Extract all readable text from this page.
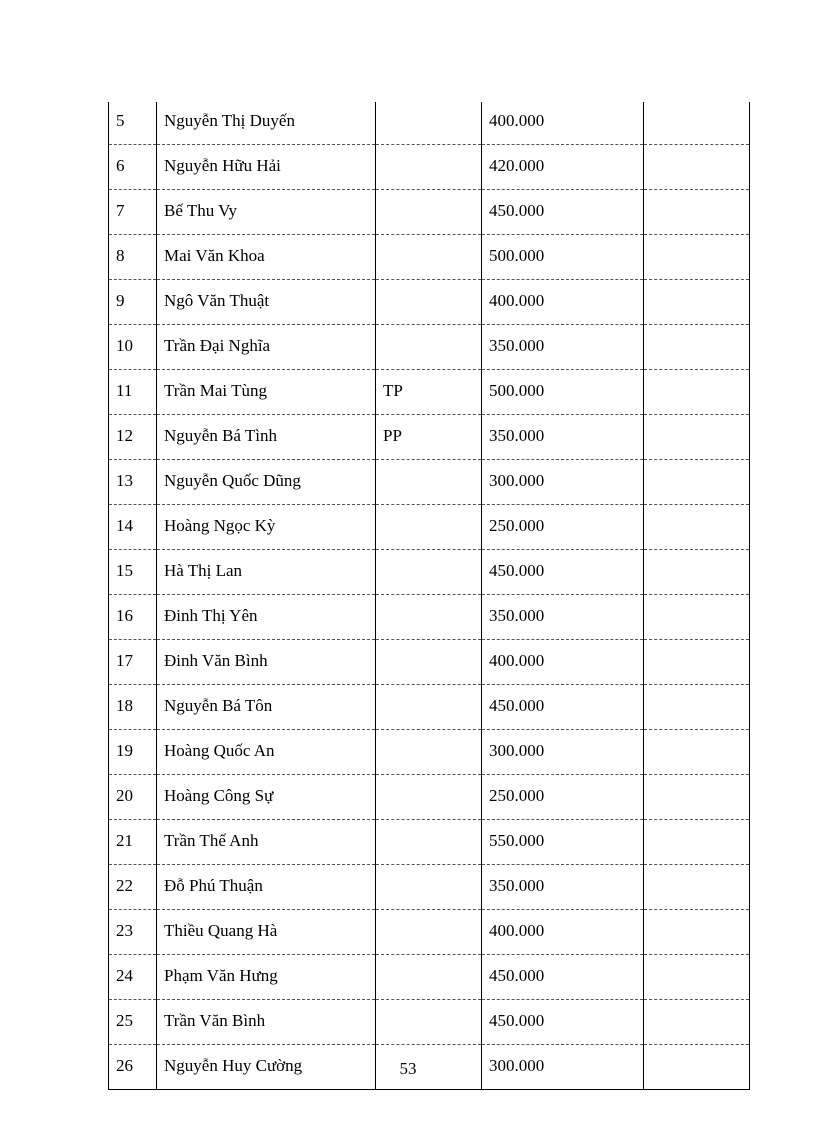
5	Nguyễn Thị Duyến		400.000	
6	Nguyễn Hữu Hải		420.000	
7	Bế Thu Vy		450.000	
8	Mai Văn Khoa		500.000	
9	Ngô Văn Thuật		400.000	
10	Trần Đại Nghĩa		350.000	
11	Trần Mai Tùng	TP	500.000	
12	Nguyễn Bá Tình	PP	350.000	
13	Nguyễn Quốc Dũng		300.000	
14	Hoàng Ngọc Kỳ		250.000	
15	Hà Thị Lan		450.000	
16	Đinh Thị Yên		350.000	
17	Đinh Văn Bình		400.000	
18	Nguyễn Bá Tôn		450.000	
19	Hoàng Quốc An		300.000	
20	Hoàng Công Sự		250.000	
21	Trần Thế Anh		550.000	
22	Đỗ Phú Thuận		350.000	
23	Thiều Quang Hà		400.000	
24	Phạm Văn Hưng		450.000	
25	Trần Văn Bình		450.000	
26	Nguyễn Huy Cường		300.000	
53
